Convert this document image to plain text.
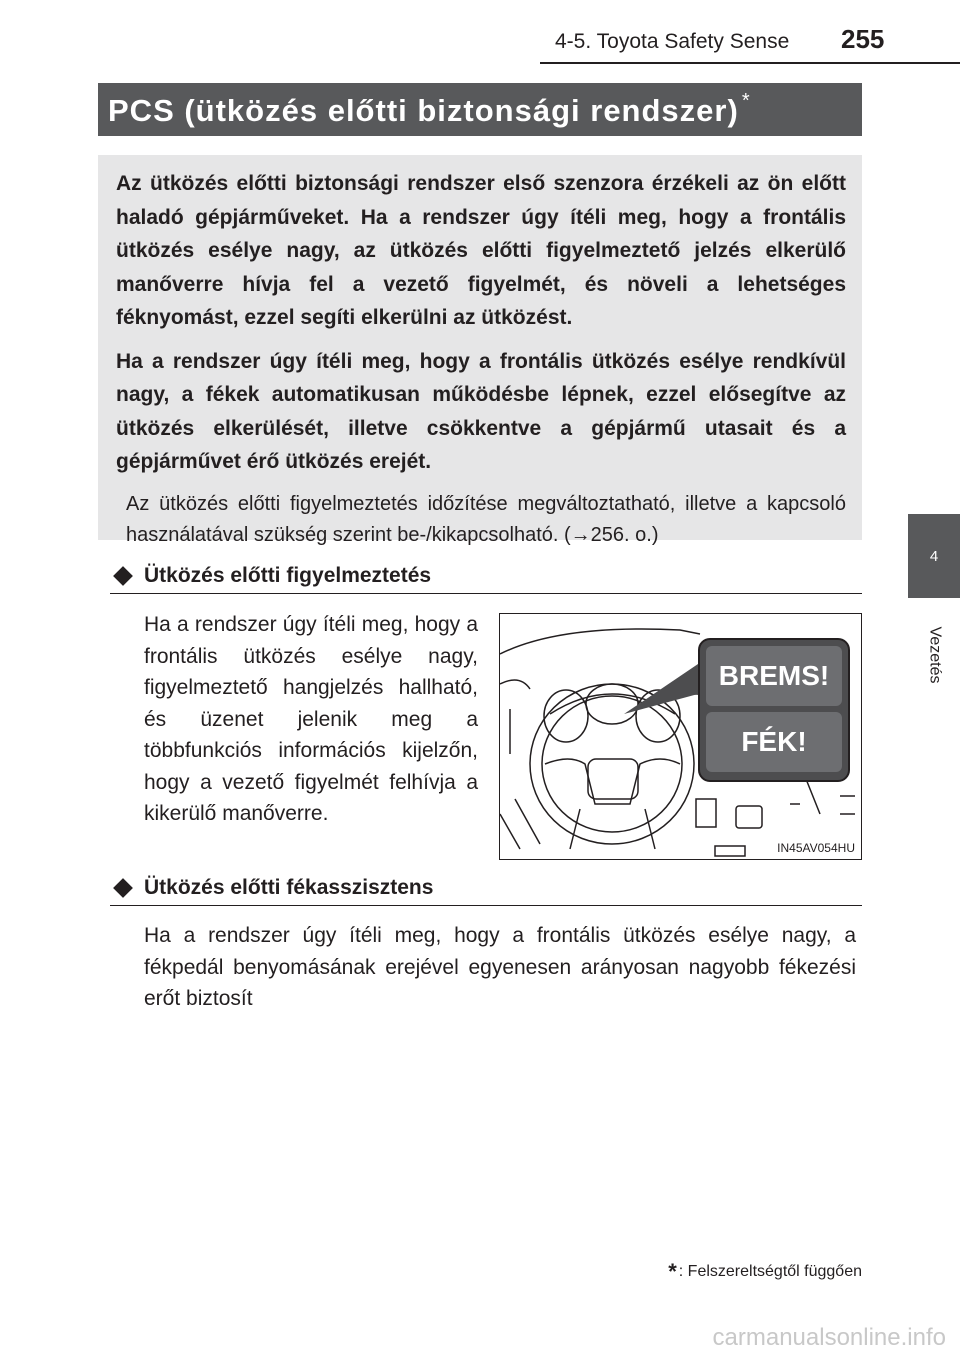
4-5. Toyota Safety Sense 255
4
Vezetés
PCS (ütközés előtti biztonsági rendszer) *

Az ütközés előtti biztonsági rendszer első szenzora érzékeli az ön előtt haladó gépjárműveket. Ha a rendszer úgy ítéli meg, hogy a frontális ütközés esélye nagy, az ütközés előtti figyelmeztető jelzés elkerülő manőverre hívja fel a vezető figyelmét, és növeli a lehetséges féknyomást, ezzel segíti elkerülni az ütközést.

Ha a rendszer úgy ítéli meg, hogy a frontális ütközés esélye rendkívül nagy, a fékek automatikusan működésbe lépnek, ezzel elősegítve az ütközés elkerülését, illetve csökkentve a gépjármű utasait és a gépjárművet érő ütközés erejét.

Az ütközés előtti figyelmeztetés időzítése megváltoztatható, illetve a kapcsoló használatával szükség szerint be-/kikapcsolható. (→256. o.)

Ütközés előtti figyelmeztetés

Ha a rendszer úgy ítéli meg, hogy a frontális ütközés esélye nagy, figyelmeztető hangjelzés hallható, és üzenet jelenik meg a többfunkciós információs kijelzőn, hogy a vezető figyelmét felhívja a kikerülő manőverre.

BREMS!
FÉK!
IN45AV054HU
Ütközés előtti fékasszisztens

Ha a rendszer úgy ítéli meg, hogy a frontális ütközés esélye nagy, a fékpedál benyomásának erejével egyenesen arányosan nagyobb fékezési erőt biztosít

* : Felszereltségtől függően
carmanualsonline.info
